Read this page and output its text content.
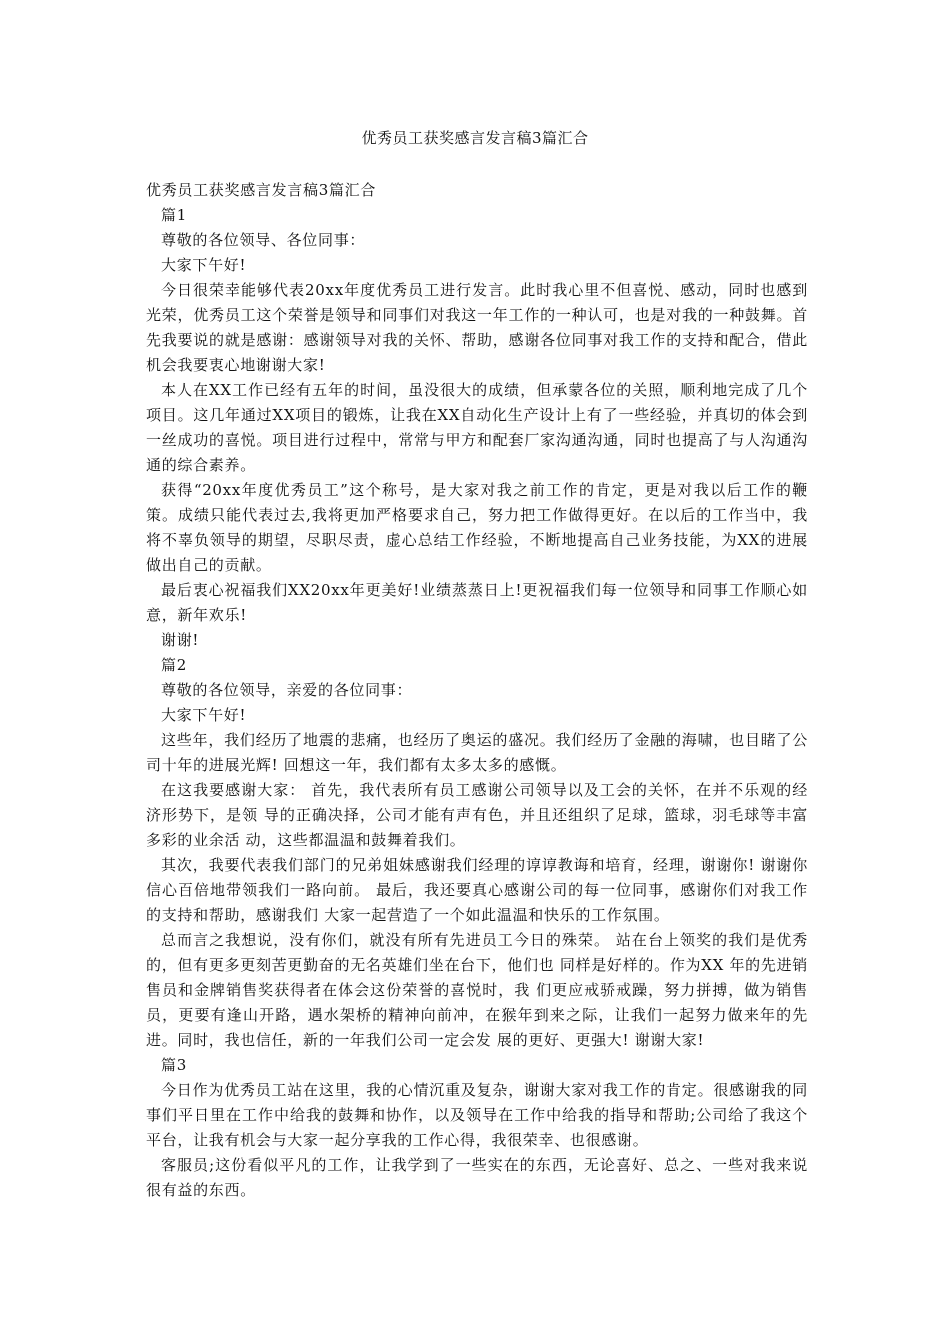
优秀员工获奖感言发言稿3篇汇合

优秀员工获奖感言发言稿3篇汇合

篇1

尊敬的各位领导、各位同事：

大家下午好!

今日很荣幸能够代表20xx年度优秀员工进行发言。此时我心里不但喜悦、感动，同时也感到光荣，优秀员工这个荣誉是领导和同事们对我这一年工作的一种认可，也是对我的一种鼓舞。首先我要说的就是感谢：感谢领导对我的关怀、帮助，感谢各位同事对我工作的支持和配合，借此机会我要衷心地谢谢大家!

本人在XX工作已经有五年的时间，虽没很大的成绩，但承蒙各位的关照，顺利地完成了几个项目。这几年通过XX项目的锻炼，让我在XX自动化生产设计上有了一些经验，并真切的体会到一丝成功的喜悦。项目进行过程中，常常与甲方和配套厂家沟通沟通，同时也提高了与人沟通沟通的综合素养。

获得“20xx年度优秀员工”这个称号，是大家对我之前工作的肯定，更是对我以后工作的鞭策。成绩只能代表过去,我将更加严格要求自己，努力把工作做得更好。在以后的工作当中，我将不辜负领导的期望，尽职尽责，虚心总结工作经验，不断地提高自己业务技能，为XX的进展做出自己的贡献。

最后衷心祝福我们XX20xx年更美好!业绩蒸蒸日上!更祝福我们每一位领导和同事工作顺心如意，新年欢乐!

谢谢!

篇2

尊敬的各位领导，亲爱的各位同事：

大家下午好!

这些年，我们经历了地震的悲痛，也经历了奥运的盛况。我们经历了金融的海啸，也目睹了公司十年的进展光辉! 回想这一年，我们都有太多太多的感慨。

在这我要感谢大家： 首先，我代表所有员工感谢公司领导以及工会的关怀，在并不乐观的经济形势下，是领 导的正确决择，公司才能有声有色，并且还组织了足球，篮球，羽毛球等丰富多彩的业余活 动，这些都温温和鼓舞着我们。

其次，我要代表我们部门的兄弟姐妹感谢我们经理的谆谆教诲和培育，经理，谢谢你! 谢谢你信心百倍地带领我们一路向前。 最后，我还要真心感谢公司的每一位同事，感谢你们对我工作的支持和帮助，感谢我们 大家一起营造了一个如此温温和快乐的工作氛围。

总而言之我想说，没有你们，就没有所有先进员工今日的殊荣。 站在台上领奖的我们是优秀的，但有更多更刻苦更勤奋的无名英雄们坐在台下，他们也 同样是好样的。作为XX 年的先进销售员和金牌销售奖获得者在体会这份荣誉的喜悦时，我 们更应戒骄戒躁，努力拼搏，做为销售员，更要有逢山开路，遇水架桥的精神向前冲，在猴年到来之际，让我们一起努力做来年的先进。同时，我也信任，新的一年我们公司一定会发 展的更好、更强大! 谢谢大家!

篇3

今日作为优秀员工站在这里，我的心情沉重及复杂，谢谢大家对我工作的肯定。很感谢我的同事们平日里在工作中给我的鼓舞和协作，以及领导在工作中给我的指导和帮助;公司给了我这个平台，让我有机会与大家一起分享我的工作心得，我很荣幸、也很感谢。

客服员;这份看似平凡的工作，让我学到了一些实在的东西，无论喜好、总之、一些对我来说很有益的东西。
